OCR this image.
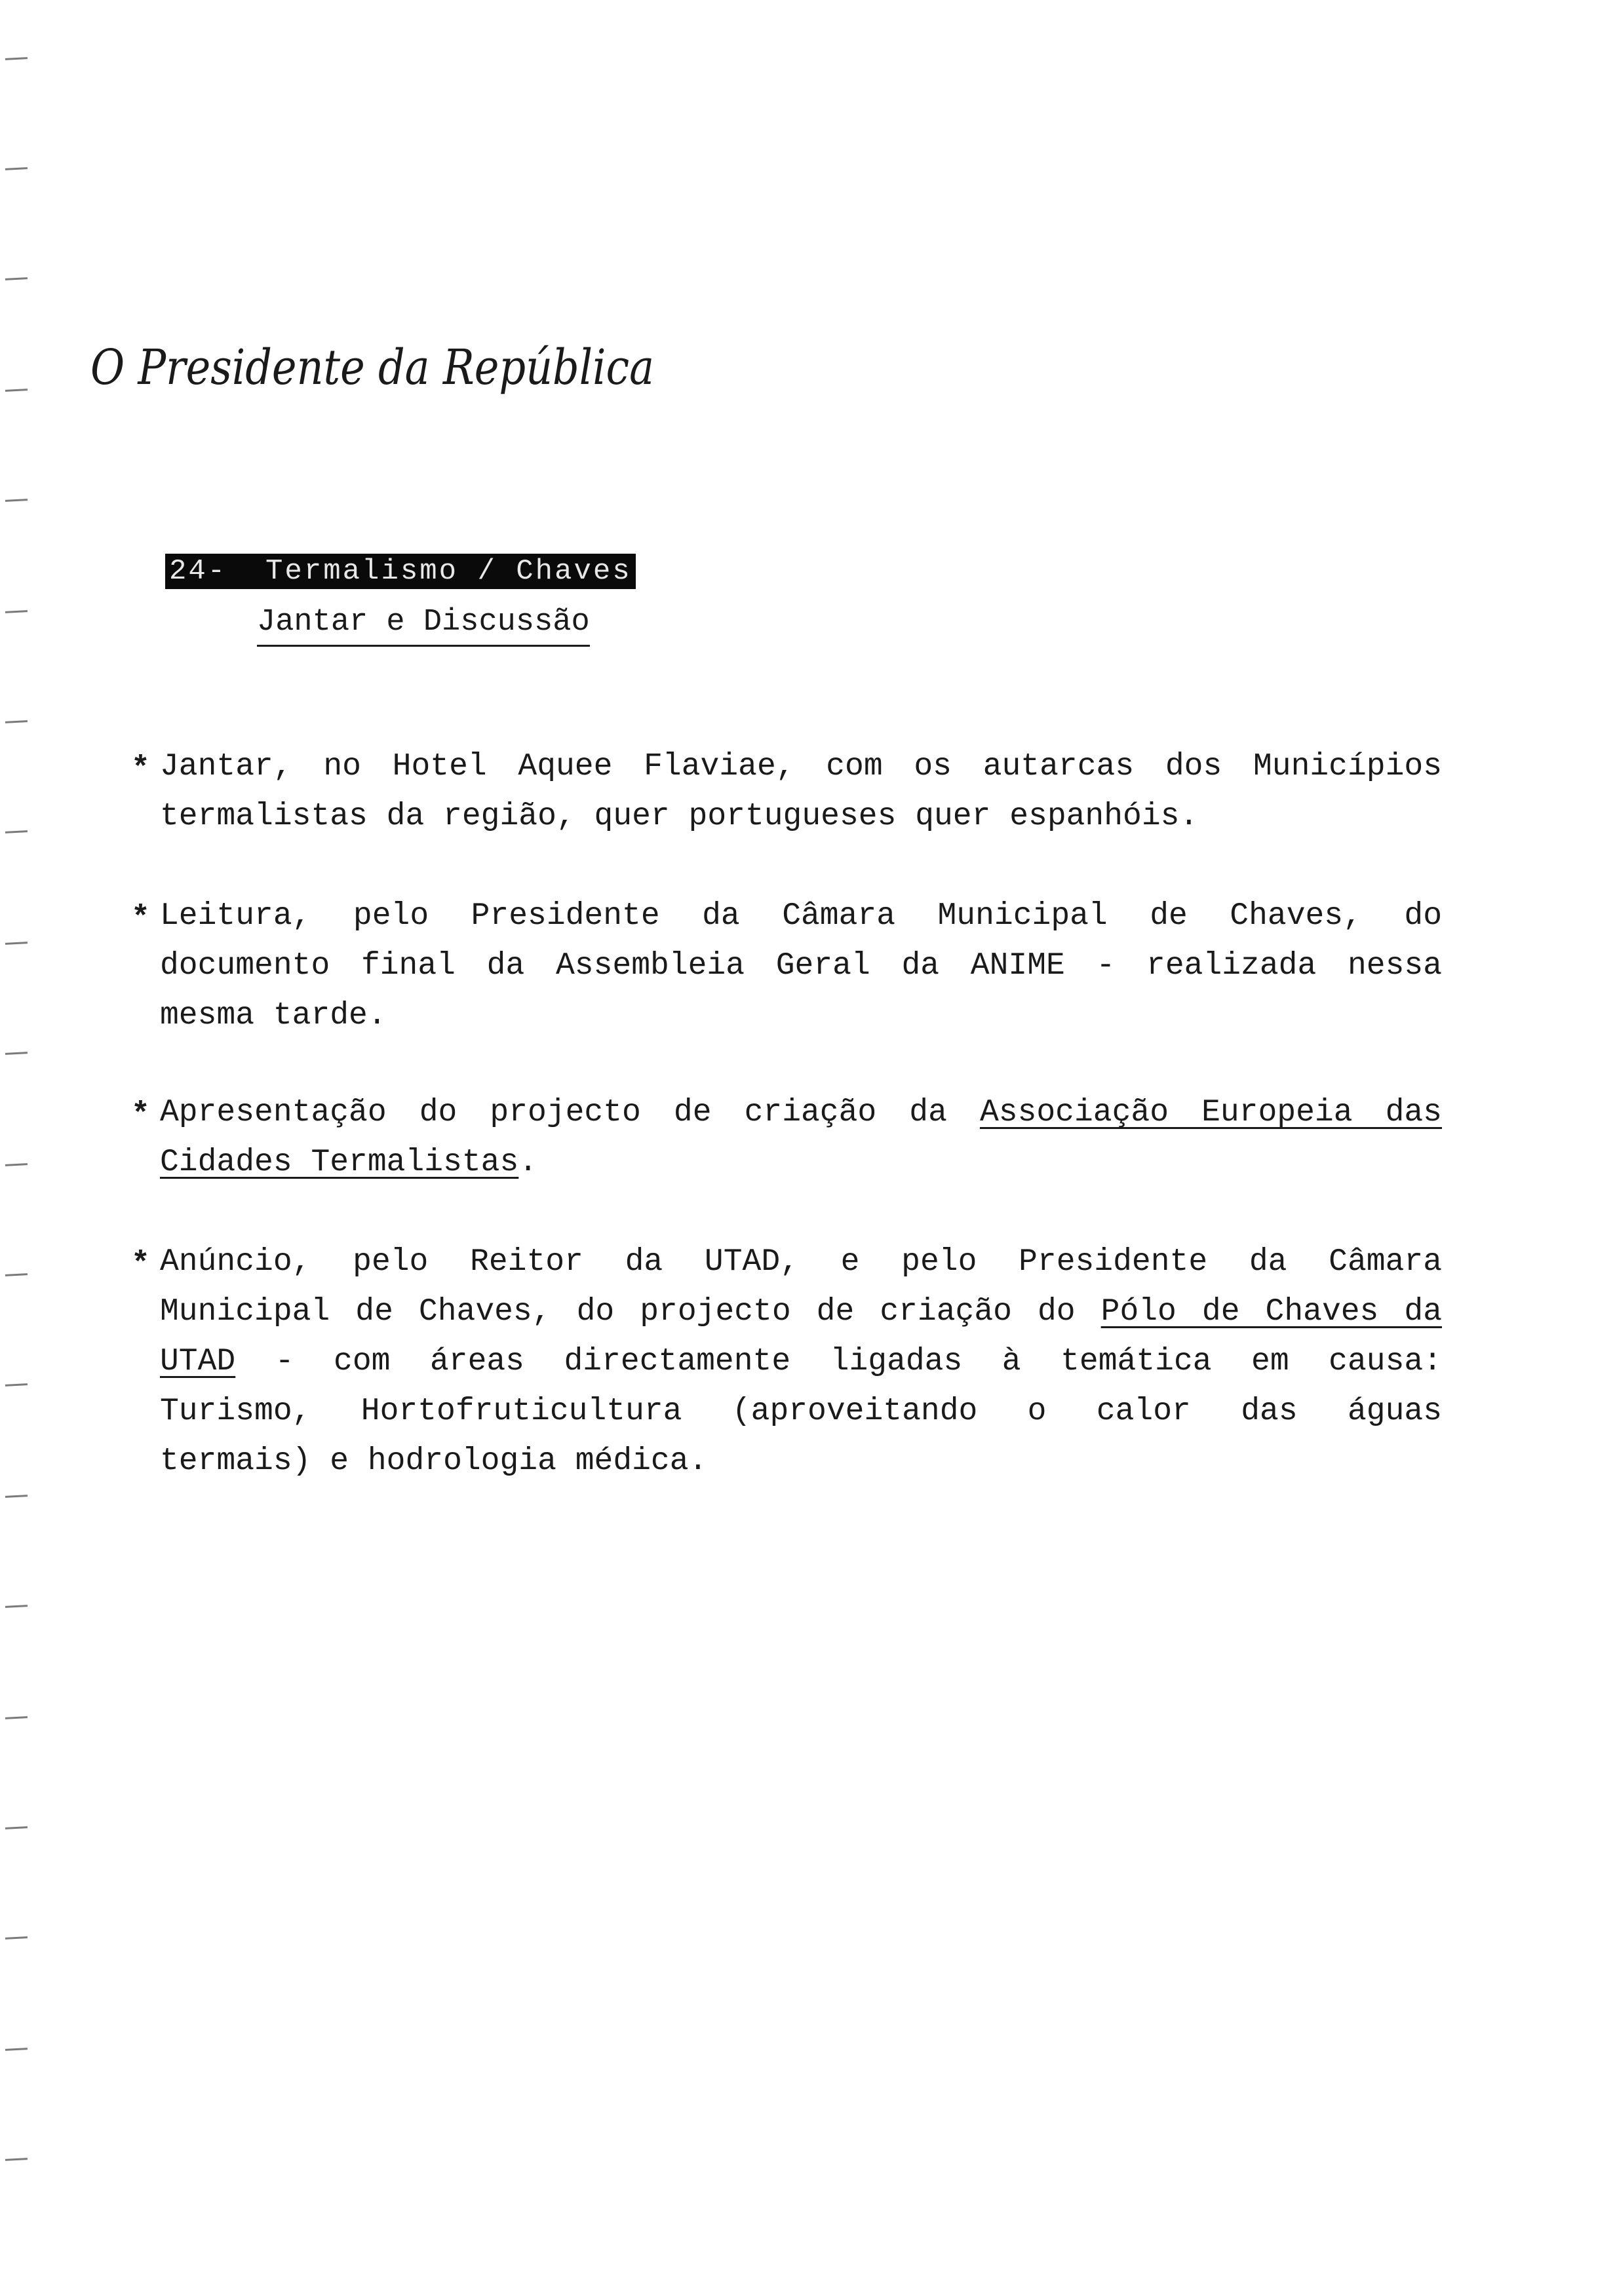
O Presidente da República
24-  Termalismo / Chaves
Jantar e Discussão
* Jantar, no Hotel Aquee Flaviae, com os autarcas dos Municípios
termalistas da região, quer portugueses quer espanhóis.
* Leitura, pelo Presidente da Câmara Municipal de Chaves, do
documento final da Assembleia Geral da ANIME - realizada nessa
mesma tarde.
* Apresentação do projecto de criação da Associação Europeia das
Cidades Termalistas.
* Anúncio, pelo Reitor da UTAD, e pelo Presidente da Câmara
Municipal de Chaves, do projecto de criação do Pólo de Chaves da
UTAD - com áreas directamente ligadas à temática em causa:
Turismo, Hortofruticultura (aproveitando o calor das águas
termais) e hodrologia médica.
